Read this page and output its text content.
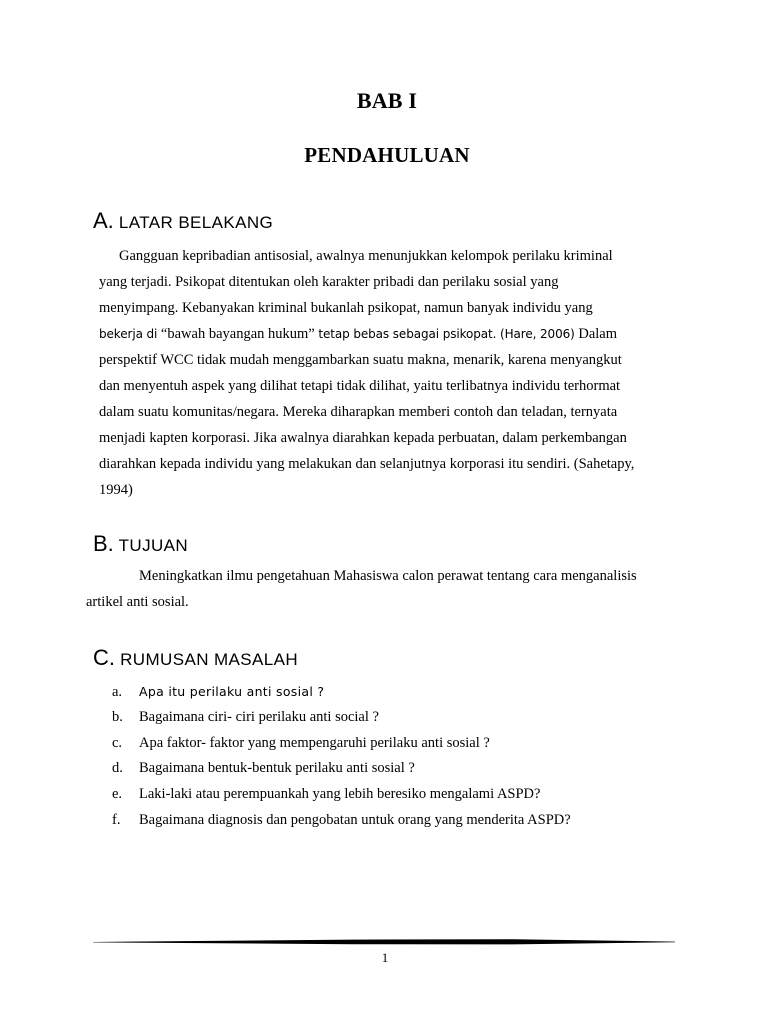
BAB I
PENDAHULUAN
A. LATAR BELAKANG
Gangguan kepribadian antisosial, awalnya menunjukkan kelompok perilaku kriminal
yang terjadi. Psikopat ditentukan oleh karakter pribadi dan perilaku sosial yang
menyimpang. Kebanyakan kriminal bukanlah psikopat, namun banyak individu yang
bekerja di “bawah bayangan hukum” tetap bebas sebagai psikopat. (Hare, 2006) Dalam
perspektif WCC tidak mudah menggambarkan suatu makna, menarik, karena menyangkut
dan menyentuh aspek yang dilihat tetapi tidak dilihat, yaitu terlibatnya individu terhormat
dalam suatu komunitas/negara. Mereka diharapkan memberi contoh dan teladan, ternyata
menjadi kapten korporasi. Jika awalnya diarahkan kepada perbuatan, dalam perkembangan
diarahkan kepada individu yang melakukan dan selanjutnya korporasi itu sendiri. (Sahetapy,
1994)
B. TUJUAN
Meningkatkan ilmu pengetahuan Mahasiswa calon perawat tentang cara menganalisis
artikel anti sosial.
C. RUMUSAN MASALAH
a. Apa itu perilaku anti sosial ?
b. Bagaimana ciri- ciri perilaku anti social ?
c. Apa faktor- faktor yang mempengaruhi perilaku anti sosial ?
d. Bagaimana bentuk-bentuk perilaku anti sosial ?
e. Laki-laki atau perempuankah yang lebih beresiko mengalami ASPD?
f. Bagaimana diagnosis dan pengobatan untuk orang yang menderita ASPD?
1
